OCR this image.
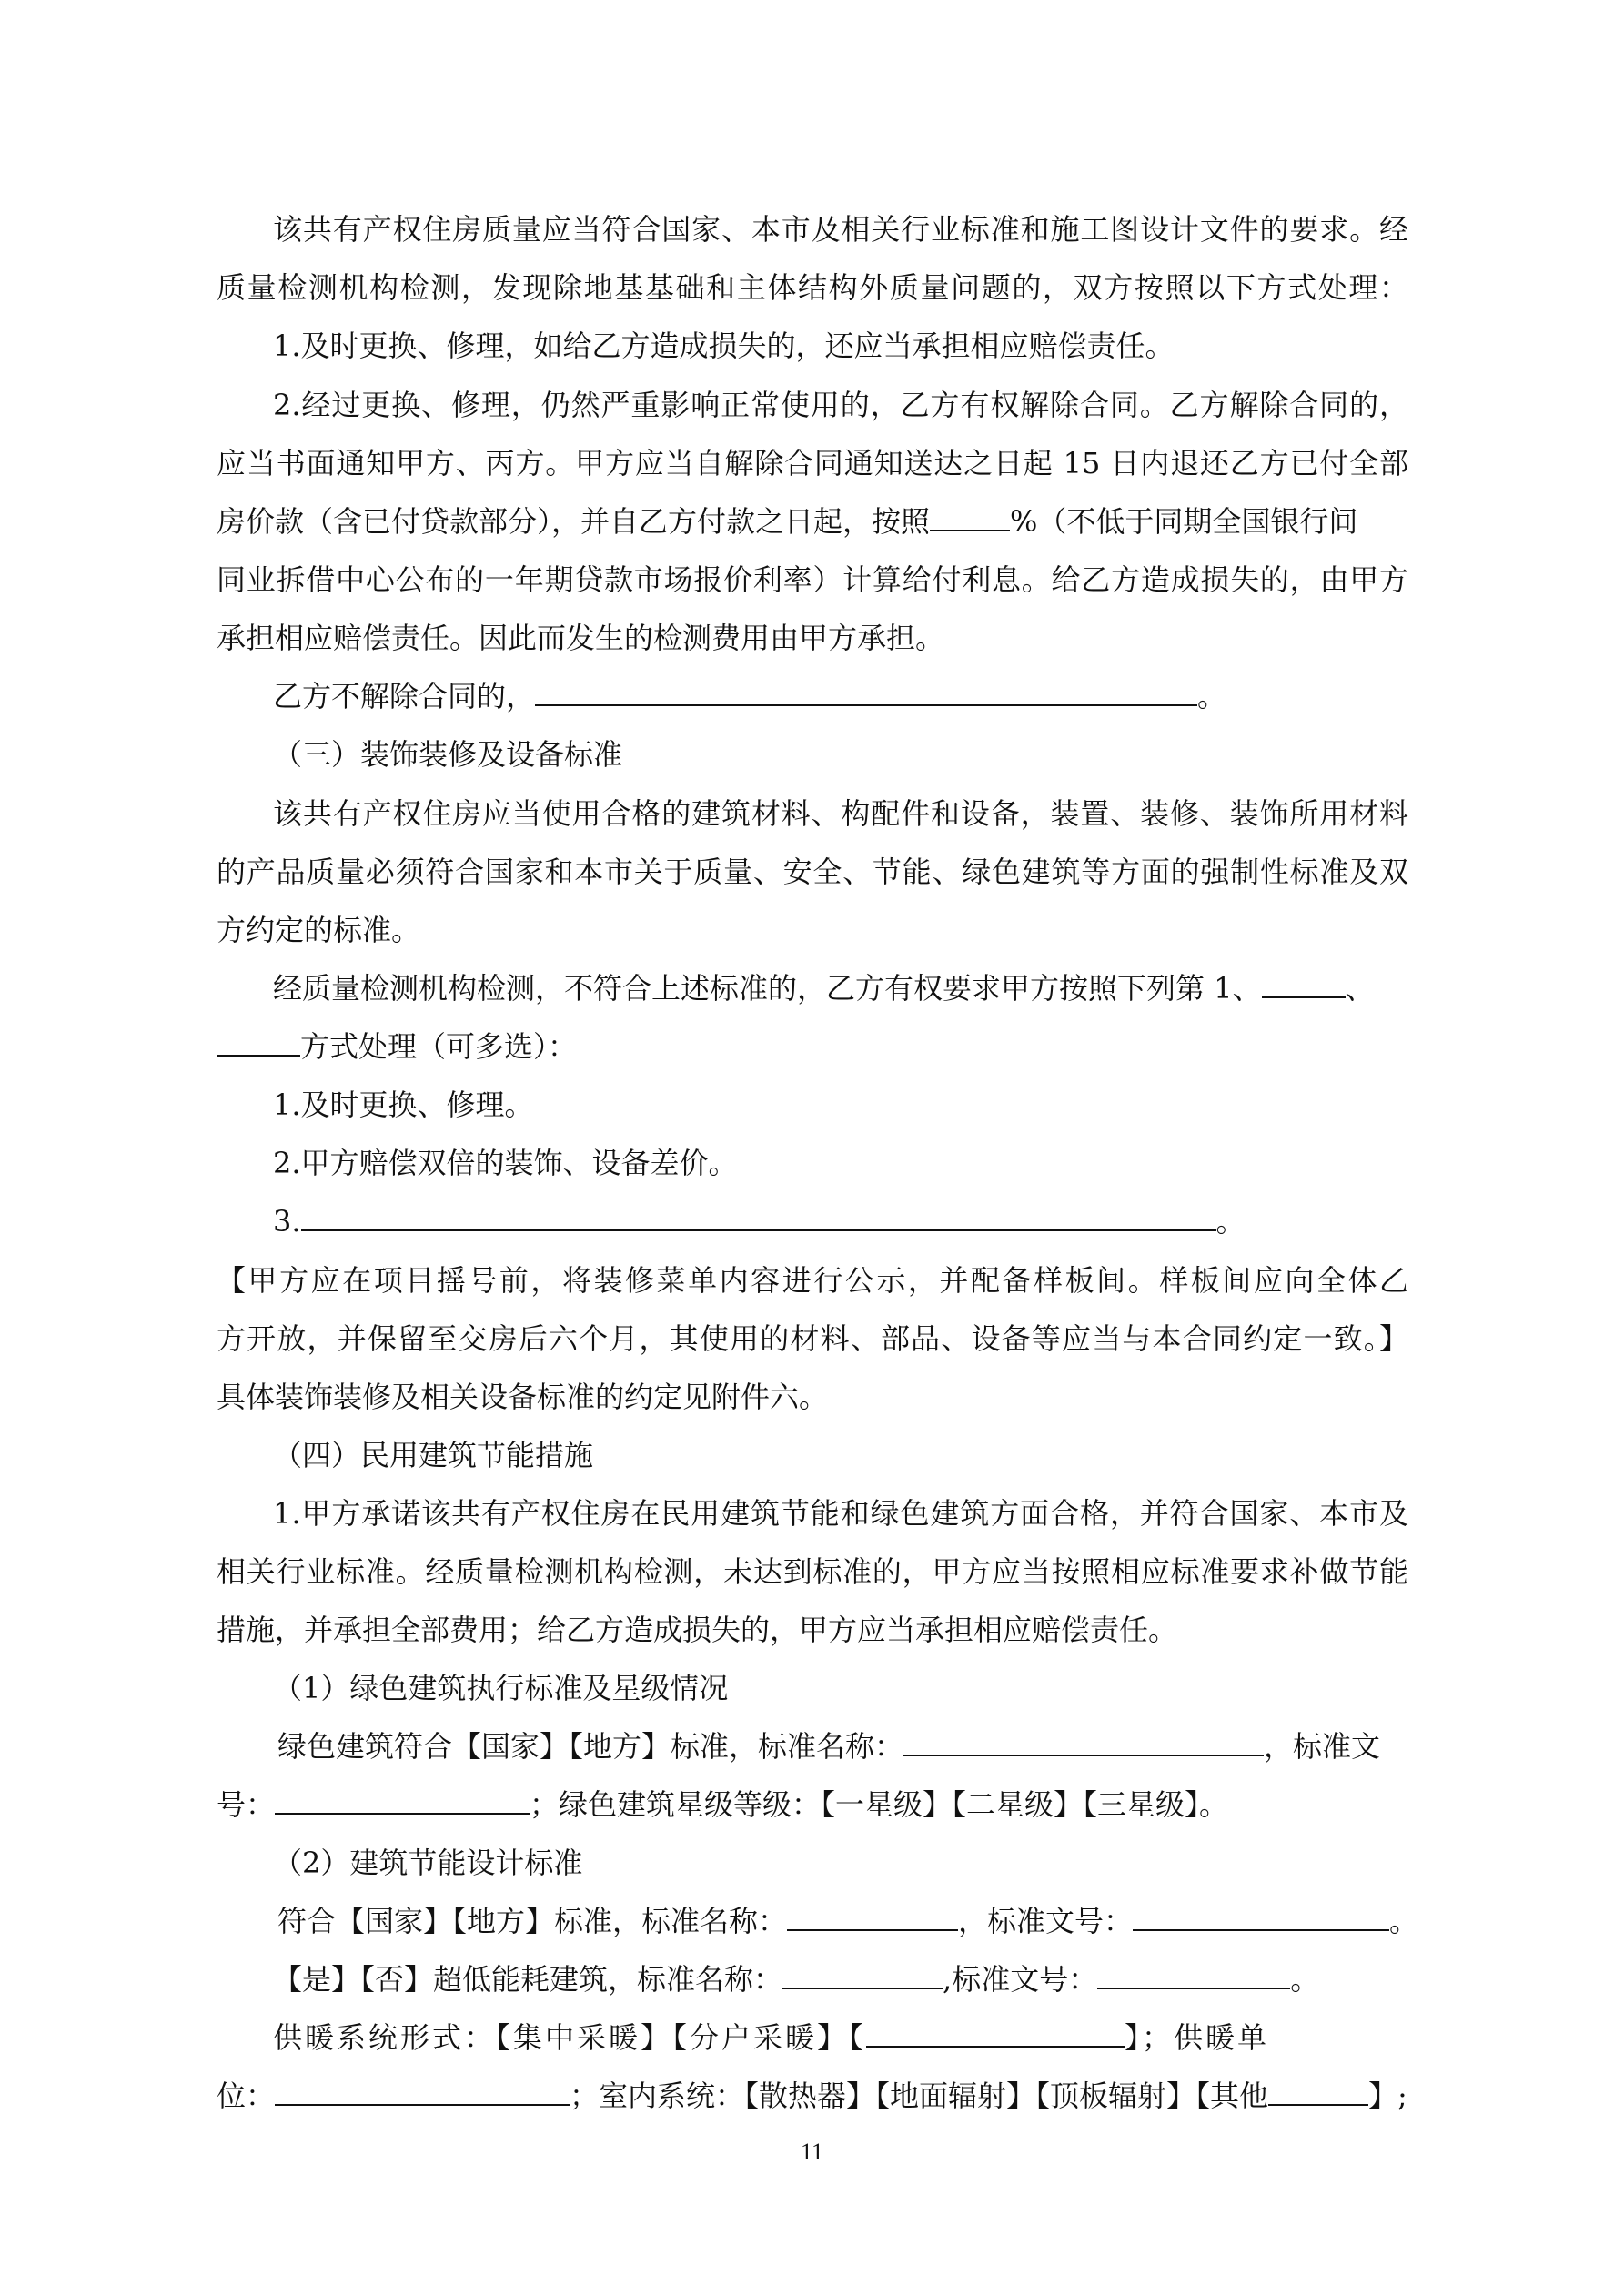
该共有产权住房质量应当符合国家、本市及相关行业标准和施工图设计文件的要求。经
质量检测机构检测，发现除地基基础和主体结构外质量问题的，双方按照以下方式处理：
1.及时更换、修理，如给乙方造成损失的，还应当承担相应赔偿责任。
2.经过更换、修理，仍然严重影响正常使用的，乙方有权解除合同。乙方解除合同的，
应当书面通知甲方、丙方。甲方应当自解除合同通知送达之日起 15 日内退还乙方已付全部
房价款（含已付贷款部分），并自乙方付款之日起，按照	%（不低于同期全国银行间
同业拆借中心公布的一年期贷款市场报价利率）计算给付利息。给乙方造成损失的，由甲方
承担相应赔偿责任。因此而发生的检测费用由甲方承担。
乙方不解除合同的，	。
（三）装饰装修及设备标准
该共有产权住房应当使用合格的建筑材料、构配件和设备，装置、装修、装饰所用材料
的产品质量必须符合国家和本市关于质量、安全、节能、绿色建筑等方面的强制性标准及双
方约定的标准。
经质量检测机构检测，不符合上述标准的，乙方有权要求甲方按照下列第 1、	、
方式处理（可多选）：
1.及时更换、修理。
2.甲方赔偿双倍的装饰、设备差价。
3.	。
【甲方应在项目摇号前，将装修菜单内容进行公示，并配备样板间。样板间应向全体乙
方开放，并保留至交房后六个月，其使用的材料、部品、设备等应当与本合同约定一致。】
具体装饰装修及相关设备标准的约定见附件六。
（四）民用建筑节能措施
1.甲方承诺该共有产权住房在民用建筑节能和绿色建筑方面合格，并符合国家、本市及
相关行业标准。经质量检测机构检测，未达到标准的，甲方应当按照相应标准要求补做节能
措施，并承担全部费用；给乙方造成损失的，甲方应当承担相应赔偿责任。
（1）绿色建筑执行标准及星级情况
绿色建筑符合【国家】【地方】标准，标准名称：	，标准文
号：	；绿色建筑星级等级：【一星级】【二星级】【三星级】。
（2）建筑节能设计标准
符合【国家】【地方】标准，标准名称：	，标准文号：	。
【是】【否】超低能耗建筑，标准名称：	,标准文号：	。
供暖系统形式：【集中采暖】【分户采暖】【	】；供暖单
位：	；室内系统：【散热器】【地面辐射】【顶板辐射】【其他	】;
11
